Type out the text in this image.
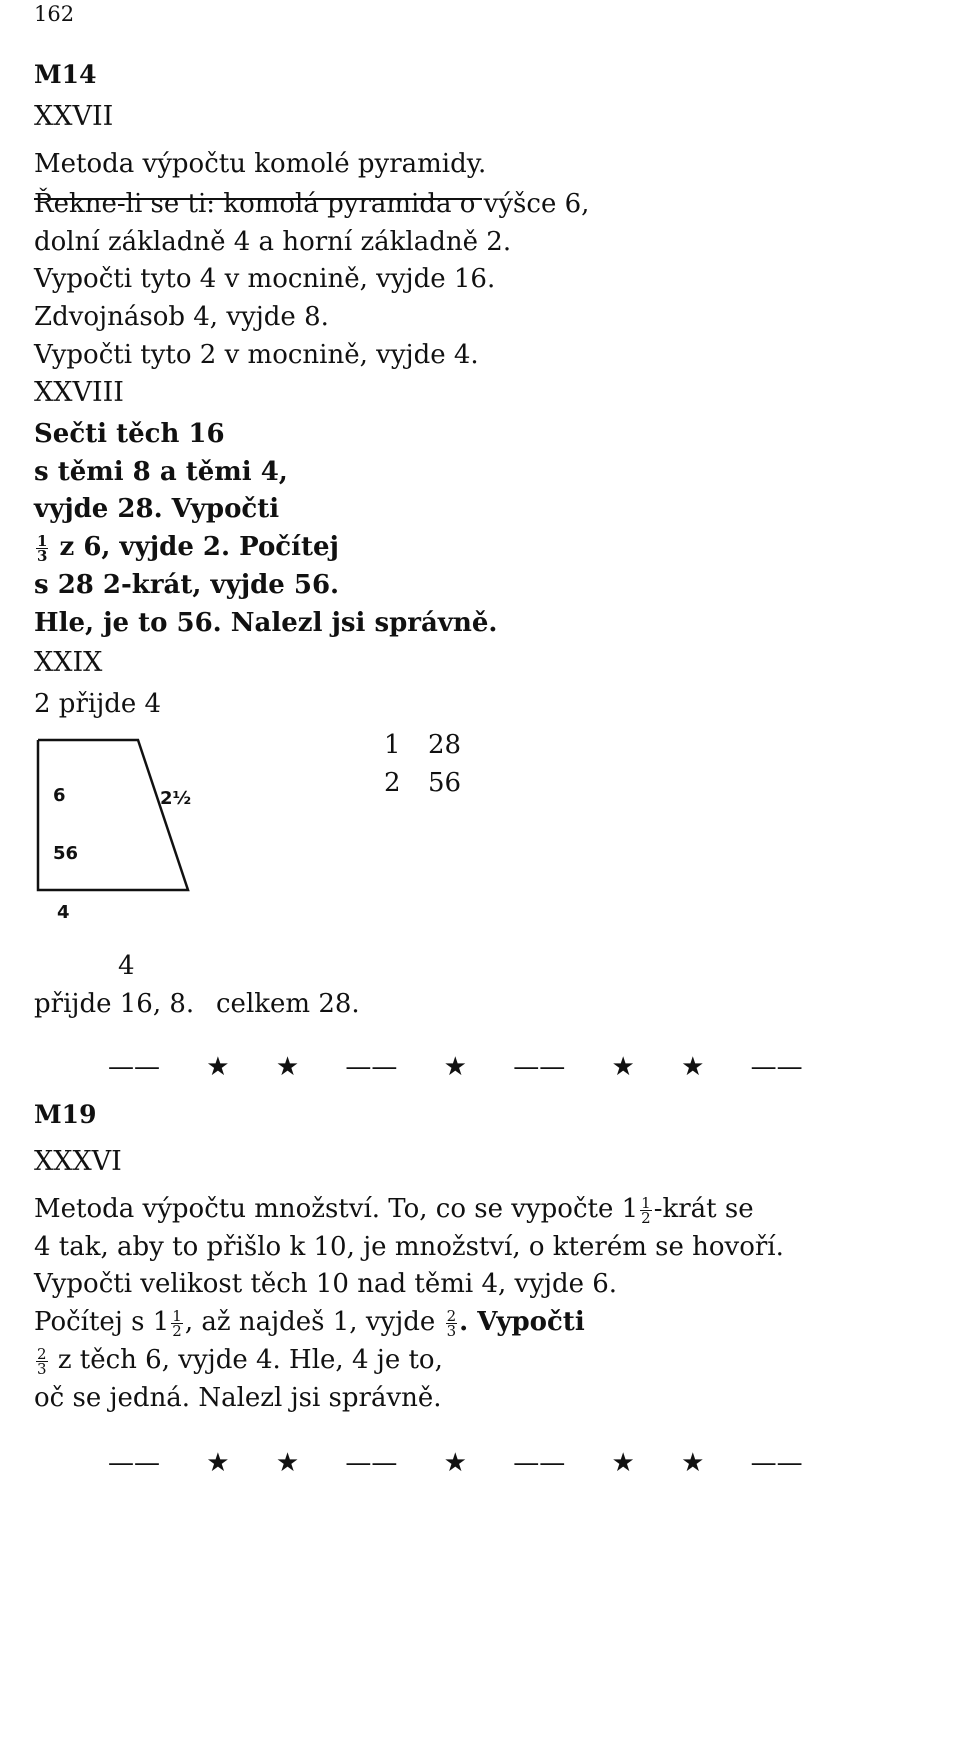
162
M14
XXVII
Metoda výpočtu komolé pyramidy.
Řekne-li se ti: komolá pyramida o výšce 6,
dolní základně 4 a horní základně 2.
Vypočti tyto 4 v mocnině, vyjde 16.
Zdvojnásob 4, vyjde 8.
Vypočti tyto 2 v mocnině, vyjde 4.
XXVIII
Sečti těch 16
s těmi 8 a těmi 4,
vyjde 28. Vypočti
$\frac{1}{3}$ z 6, vyjde 2. Počítej
s 28 2-krát, vyjde 56.
Hle, je to 56. Nalezl jsi správně.
XXIX
2 přijde 4
6	2½
56
4
1 28
2 56
4
přijde 16, 8. celkem 28.
—— ★ ★ —— ★ —— ★ ★ ——
M19
XXXVI
Metoda výpočtu množství. To, co se vypočte $1 \frac{1}{2}$ -krát se
4 tak, aby to přišlo k 10, je množství, o kterém se hovoří.
Vypočti velikost těch 10 nad těmi 4, vyjde 6.
Počítej s $1 \frac{1}{2}$ , až najdeš 1, vyjde $\frac{2}{3}$ . Vypočti
$\frac{2}{3}$ z těch 6, vyjde 4. Hle, 4 je to,
oč se jedná. Nalezl jsi správně.
—— ★ ★ —— ★ —— ★ ★ ——
